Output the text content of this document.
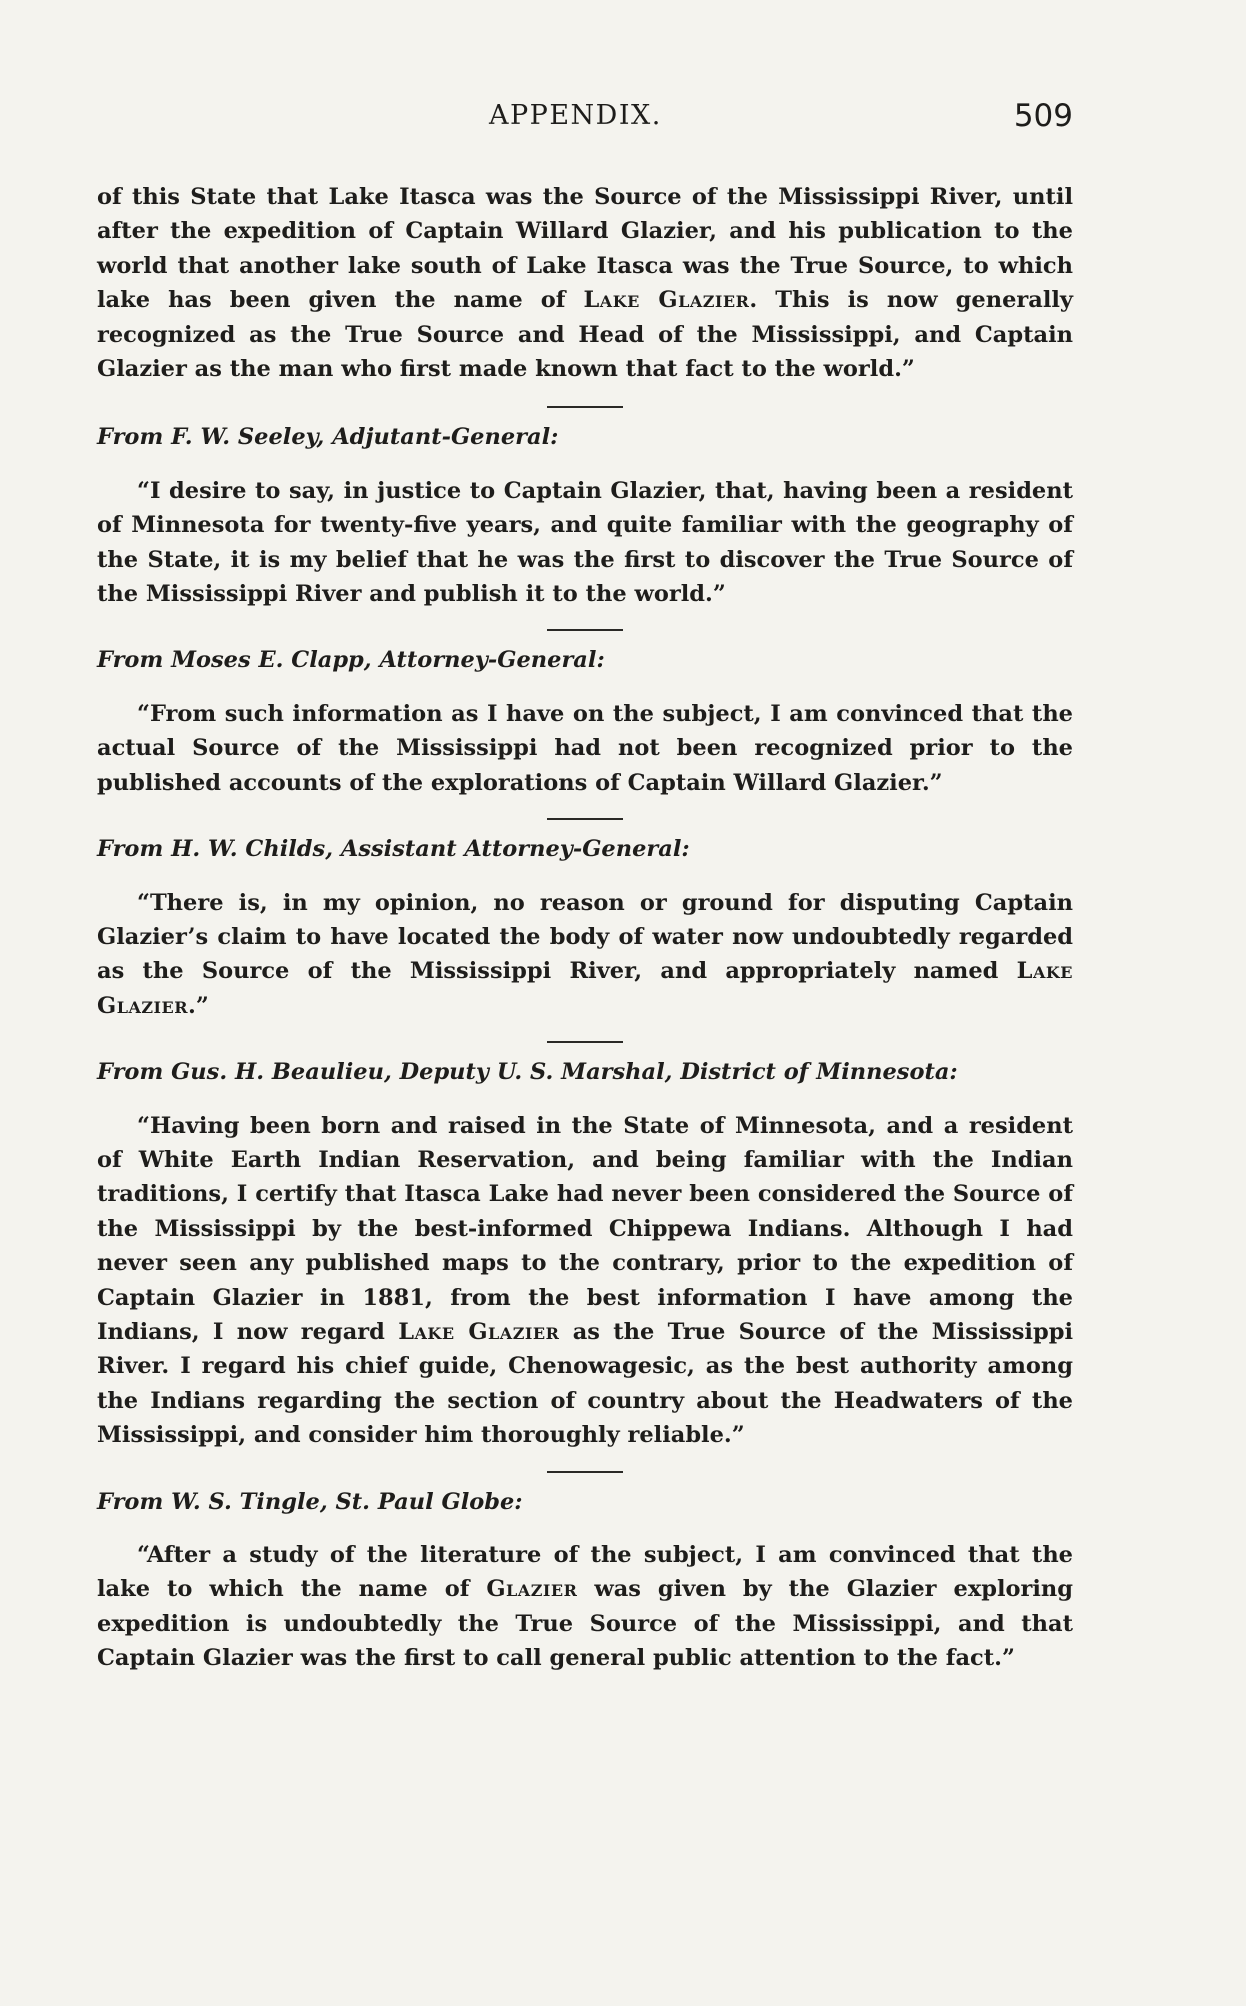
APPENDIX.	509

of this State that Lake Itasca was the Source of the Mississippi River, until after the expedition of Captain Willard Glazier, and his publication to the world that another lake south of Lake Itasca was the True Source, to which lake has been given the name of Lake Glazier. This is now generally recognized as the True Source and Head of the Mississippi, and Captain Glazier as the man who first made known that fact to the world.”

From F. W. Seeley, Adjutant-General:

“I desire to say, in justice to Captain Glazier, that, having been a resident of Minnesota for twenty-five years, and quite familiar with the geography of the State, it is my belief that he was the first to discover the True Source of the Mississippi River and publish it to the world.”

From Moses E. Clapp, Attorney-General:

“From such information as I have on the subject, I am convinced that the actual Source of the Mississippi had not been recognized prior to the published accounts of the explorations of Captain Willard Glazier.”

From H. W. Childs, Assistant Attorney-General:

“There is, in my opinion, no reason or ground for disputing Captain Glazier’s claim to have located the body of water now undoubtedly regarded as the Source of the Mississippi River, and appropriately named Lake Glazier.”

From Gus. H. Beaulieu, Deputy U. S. Marshal, District of Minnesota:

“Having been born and raised in the State of Minnesota, and a resident of White Earth Indian Reservation, and being familiar with the Indian traditions, I certify that Itasca Lake had never been considered the Source of the Mississippi by the best-informed Chippewa Indians. Although I had never seen any published maps to the contrary, prior to the expedition of Captain Glazier in 1881, from the best information I have among the Indians, I now regard Lake Glazier as the True Source of the Mississippi River. I regard his chief guide, Chenowagesic, as the best authority among the Indians regarding the section of country about the Headwaters of the Mississippi, and consider him thoroughly reliable.”

From W. S. Tingle, St. Paul Globe:

“After a study of the literature of the subject, I am convinced that the lake to which the name of Glazier was given by the Glazier exploring expedition is undoubtedly the True Source of the Mississippi, and that Captain Glazier was the first to call general public attention to the fact.”
